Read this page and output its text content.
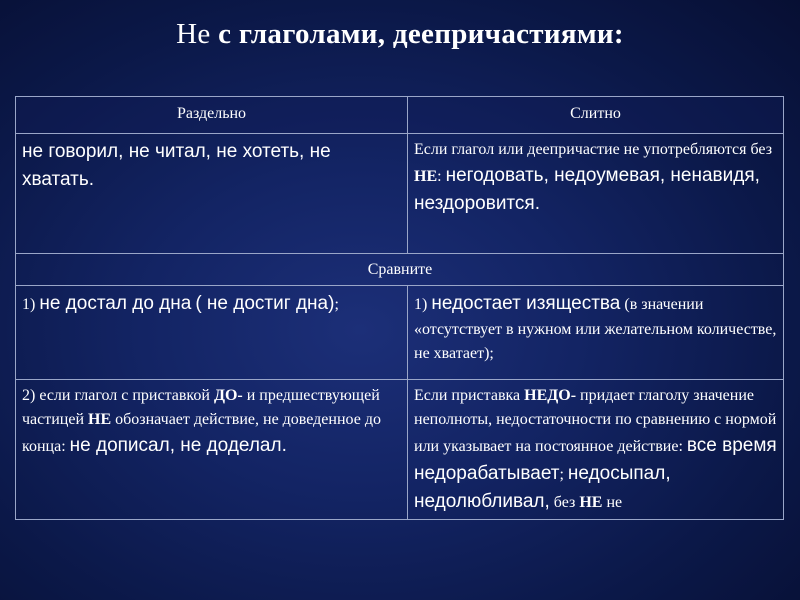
Не с глаголами, деепричастиями:
Раздельно	Слитно
не говорил, не читал, не хотеть, не хватать.	Если глагол или деепричастие не употребляются без НЕ: негодовать, недоумевая, ненавидя, нездоровится.
Сравните	
1) не достал до дна ( не достиг дна);	1) недостает изящества (в значении «отсутствует в нужном или желательном количестве, не хватает);
2) если глагол с приставкой ДО- и предшествующей частицей НЕ обозначает действие, не доведенное до конца: не дописал, не доделал.	Если приставка НЕДО- придает глаголу значение неполноты, недостаточности по сравнению с нормой или указывает на постоянное действие: все время недорабатывает; недосыпал, недолюбливал, без НЕ не
